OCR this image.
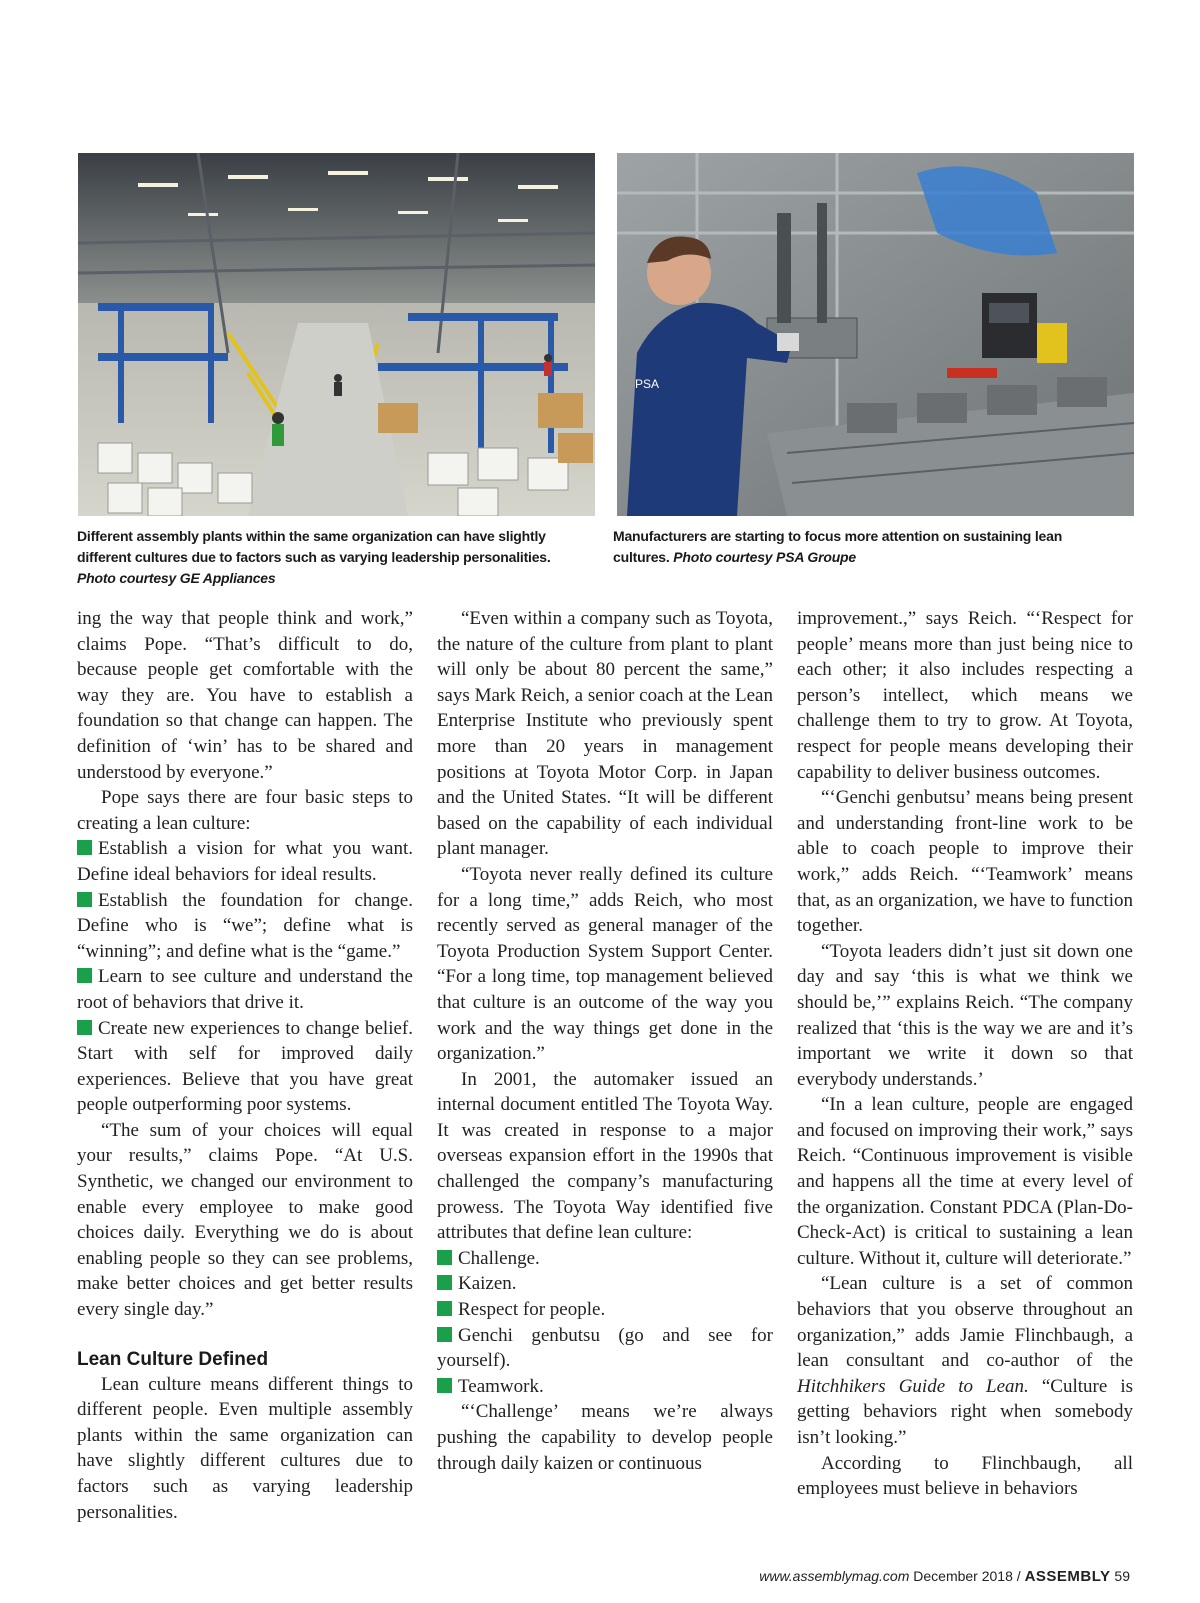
PSA
Different assembly plants within the same organization can have slightly different cultures due to factors such as varying leadership personalities.
Photo courtesy GE Appliances
Manufacturers are starting to focus more attention on sustaining lean cultures. Photo courtesy PSA Groupe

ing the way that people think and work,” claims Pope. “That’s difficult to do, because people get comfortable with the way they are. You have to establish a foundation so that change can happen. The definition of ‘win’ has to be shared and understood by everyone.”

Pope says there are four basic steps to creating a lean culture:

Establish a vision for what you want. Define ideal behaviors for ideal results.

Establish the foundation for change. Define who is “we”; define what is “winning”; and define what is the “game.”

Learn to see culture and understand the root of behaviors that drive it.

Create new experiences to change belief. Start with self for improved daily experiences. Believe that you have great people outperforming poor systems.

“The sum of your choices will equal your results,” claims Pope. “At U.S. Synthetic, we changed our environment to enable every employee to make good choices daily. Everything we do is about enabling people so they can see problems, make better choices and get better results every single day.”

Lean Culture Defined

Lean culture means different things to different people. Even multiple assembly plants within the same organization can have slightly different cultures due to factors such as varying leadership personalities.

“Even within a company such as Toyota, the nature of the culture from plant to plant will only be about 80 percent the same,” says Mark Reich, a senior coach at the Lean Enterprise Institute who previously spent more than 20 years in management positions at Toyota Motor Corp. in Japan and the United States. “It will be different based on the capability of each individual plant manager.

“Toyota never really defined its culture for a long time,” adds Reich, who most recently served as general manager of the Toyota Production System Support Center. “For a long time, top management believed that culture is an outcome of the way you work and the way things get done in the organization.”

In 2001, the automaker issued an internal document entitled The Toyota Way. It was created in response to a major overseas expansion effort in the 1990s that challenged the company’s manufacturing prowess. The Toyota Way identified five attributes that define lean culture:

Challenge.

Kaizen.

Respect for people.

Genchi genbutsu (go and see for yourself).

Teamwork.

“‘Challenge’ means we’re always pushing the capability to develop people through daily kaizen or continuous

improvement.,” says Reich. “‘Respect for people’ means more than just being nice to each other; it also includes respecting a person’s intellect, which means we challenge them to try to grow. At Toyota, respect for people means developing their capability to deliver business outcomes.

“‘Genchi genbutsu’ means being present and understanding front-line work to be able to coach people to improve their work,” adds Reich. “‘Teamwork’ means that, as an organization, we have to function together.

“Toyota leaders didn’t just sit down one day and say ‘this is what we think we should be,’” explains Reich. “The company realized that ‘this is the way we are and it’s important we write it down so that everybody understands.’

“In a lean culture, people are engaged and focused on improving their work,” says Reich. “Continuous improvement is visible and happens all the time at every level of the organization. Constant PDCA (Plan-Do-Check-Act) is critical to sustaining a lean culture. Without it, culture will deteriorate.”

“Lean culture is a set of common behaviors that you observe throughout an organization,” adds Jamie Flinchbaugh, a lean consultant and co-author of the Hitchhikers Guide to Lean. “Culture is getting behaviors right when somebody isn’t looking.”

According to Flinchbaugh, all employees must believe in behaviors

www.assemblymag.com December 2018 / ASSEMBLY 59
